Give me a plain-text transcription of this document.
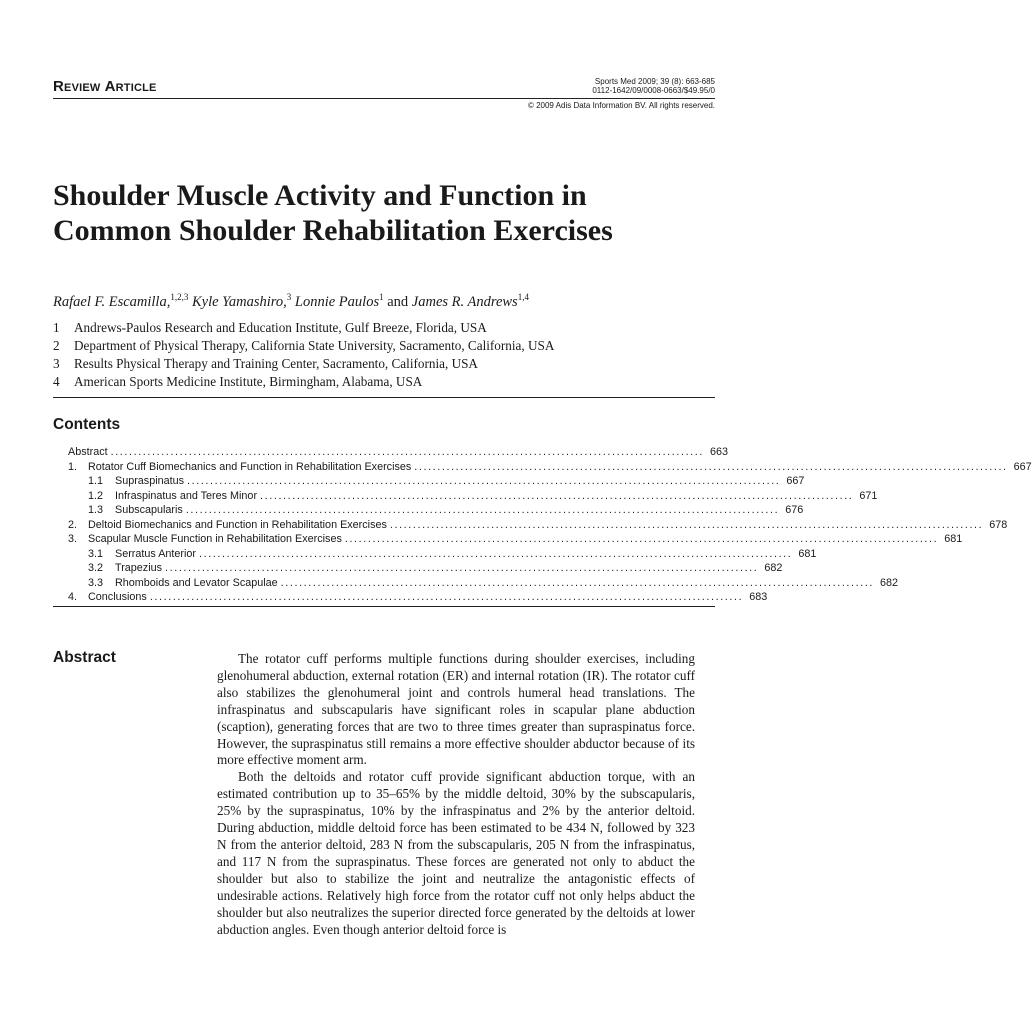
REVIEW ARTICLE
Sports Med 2009; 39 (8): 663-685
0112-1642/09/0008-0663/$49.95/0
© 2009 Adis Data Information BV. All rights reserved.
Shoulder Muscle Activity and Function in Common Shoulder Rehabilitation Exercises
Rafael F. Escamilla,$^{1,2,3}$ Kyle Yamashiro,$^3$ Lonnie Paulos$^1$ and James R. Andrews$^{1,4}$
1 Andrews-Paulos Research and Education Institute, Gulf Breeze, Florida, USA
2 Department of Physical Therapy, California State University, Sacramento, California, USA
3 Results Physical Therapy and Training Center, Sacramento, California, USA
4 American Sports Medicine Institute, Birmingham, Alabama, USA
Contents
Abstract ................................................................................................................................. 663
1.	Rotator Cuff Biomechanics and Function in Rehabilitation Exercises ................................................................................................................................. 667
1.1	Supraspinatus ................................................................................................................................. 667
1.2	Infraspinatus and Teres Minor ................................................................................................................................. 671
1.3	Subscapularis ................................................................................................................................. 676
2.	Deltoid Biomechanics and Function in Rehabilitation Exercises ................................................................................................................................. 678
3.	Scapular Muscle Function in Rehabilitation Exercises ................................................................................................................................. 681
3.1	Serratus Anterior ................................................................................................................................. 681
3.2	Trapezius ................................................................................................................................. 682
3.3	Rhomboids and Levator Scapulae ................................................................................................................................. 682
4.	Conclusions ................................................................................................................................. 683
Abstract	The rotator cuff performs multiple functions during shoulder exercises, including glenohumeral abduction, external rotation (ER) and internal rotation (IR). The rotator cuff also stabilizes the glenohumeral joint and controls humeral head translations. The infraspinatus and subscapularis have significant roles in scapular plane abduction (scaption), generating forces that are two to three times greater than supraspinatus force. However, the supraspinatus still remains a more effective shoulder abductor because of its more effective moment arm.

Both the deltoids and rotator cuff provide significant abduction torque, with an estimated contribution up to 35–65% by the middle deltoid, 30% by the subscapularis, 25% by the supraspinatus, 10% by the infraspinatus and 2% by the anterior deltoid. During abduction, middle deltoid force has been estimated to be 434 N, followed by 323 N from the anterior deltoid, 283 N from the subscapularis, 205 N from the infraspinatus, and 117 N from the supraspinatus. These forces are generated not only to abduct the shoulder but also to stabilize the joint and neutralize the antagonistic effects of undesirable actions. Relatively high force from the rotator cuff not only helps abduct the shoulder but also neutralizes the superior directed force generated by the deltoids at lower abduction angles. Even though anterior deltoid force is
